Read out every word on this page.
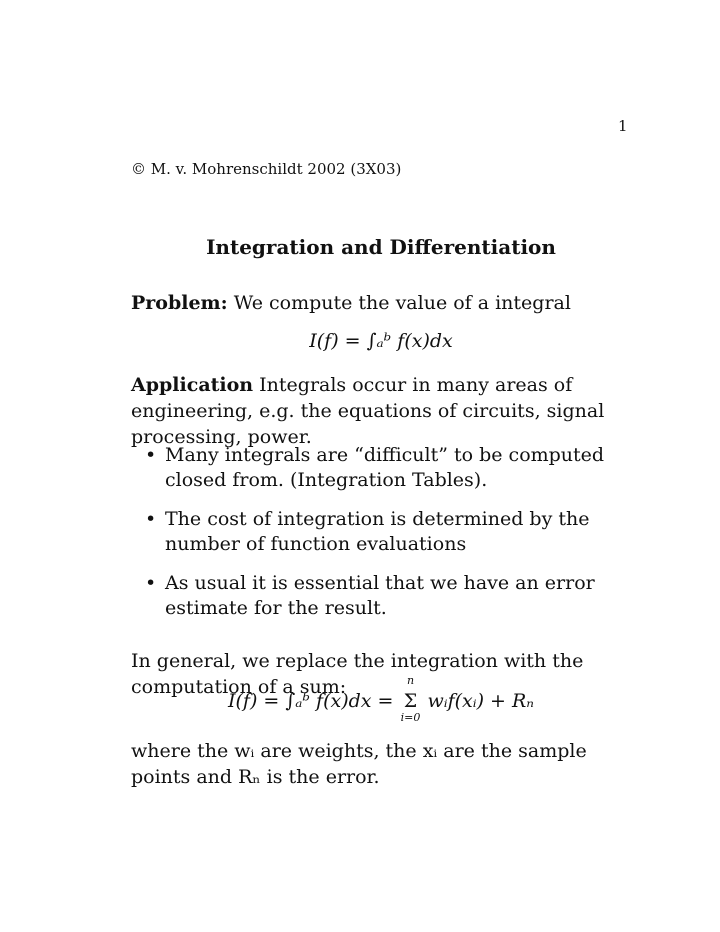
1
© M. v. Mohrenschildt 2002 (3X03)
Integration and Differentiation
Problem: We compute the value of a integral
I(f) = ∫ₐᵇ f(x)dx
Application Integrals occur in many areas of engineering, e.g. the equations of circuits, signal processing, power.
• Many integrals are “difficult” to be computed closed from. (Integration Tables).
• The cost of integration is determined by the number of function evaluations
• As usual it is essential that we have an error estimate for the result.
In general, we replace the integration with the computation of a sum:
I(f) = ∫ₐᵇ f(x)dx =
n
Σ
i=0
wᵢf(xᵢ) + Rₙ
where the wᵢ are weights, the xᵢ are the sample points and Rₙ is the error.
